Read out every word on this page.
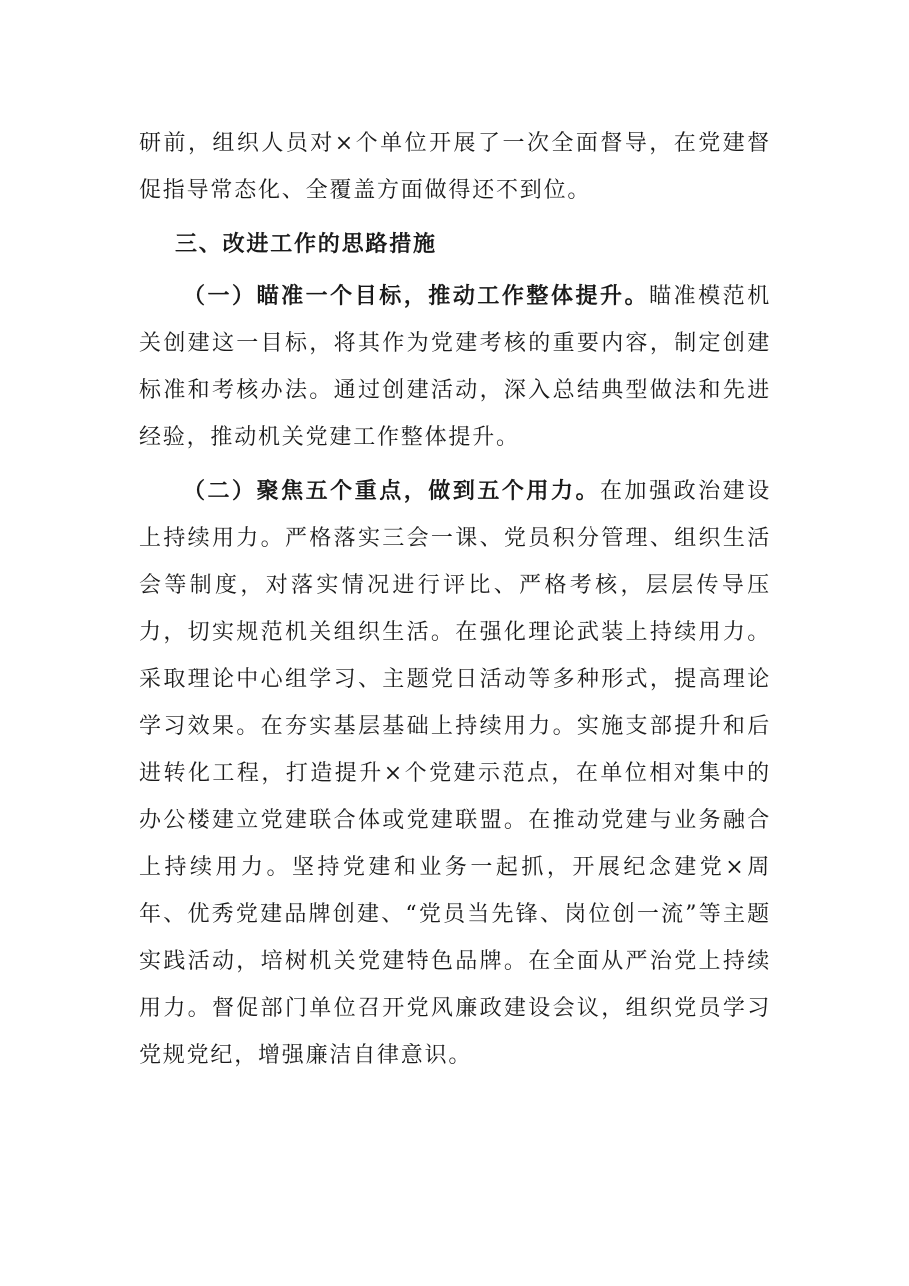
研前，组织人员对×个单位开展了一次全面督导，在党建督促指导常态化、全覆盖方面做得还不到位。

三、改进工作的思路措施

（一）瞄准一个目标，推动工作整体提升。瞄准模范机关创建这一目标，将其作为党建考核的重要内容，制定创建标准和考核办法。通过创建活动，深入总结典型做法和先进经验，推动机关党建工作整体提升。

（二）聚焦五个重点，做到五个用力。在加强政治建设上持续用力。严格落实三会一课、党员积分管理、组织生活会等制度，对落实情况进行评比、严格考核，层层传导压力，切实规范机关组织生活。在强化理论武装上持续用力。采取理论中心组学习、主题党日活动等多种形式，提高理论学习效果。在夯实基层基础上持续用力。实施支部提升和后进转化工程，打造提升×个党建示范点，在单位相对集中的办公楼建立党建联合体或党建联盟。在推动党建与业务融合上持续用力。坚持党建和业务一起抓，开展纪念建党×周年、优秀党建品牌创建、“党员当先锋、岗位创一流”等主题实践活动，培树机关党建特色品牌。在全面从严治党上持续用力。督促部门单位召开党风廉政建设会议，组织党员学习党规党纪，增强廉洁自律意识。
